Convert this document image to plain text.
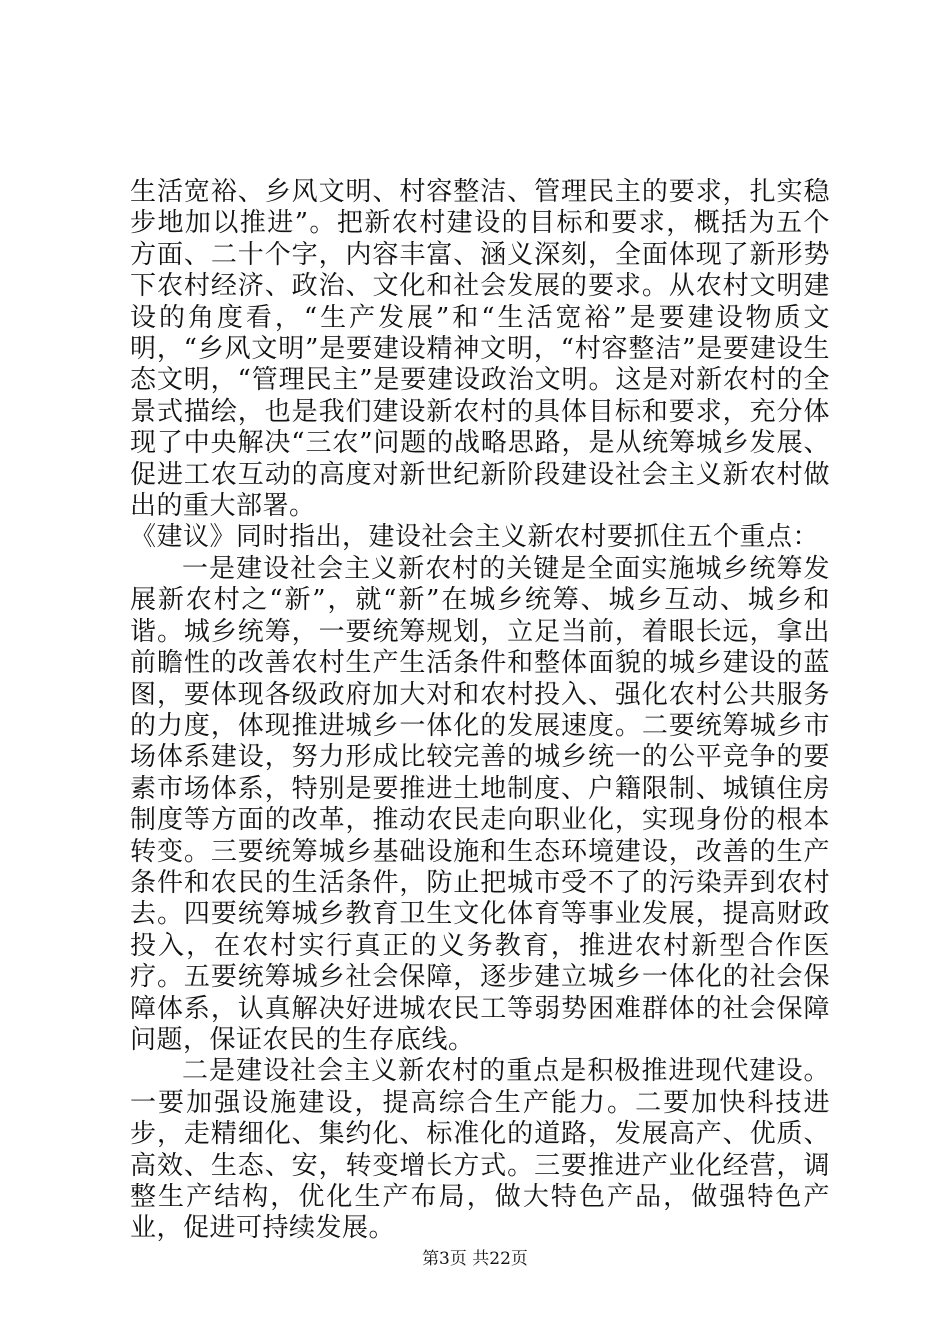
生活宽裕、乡风文明、村容整洁、管理民主的要求，扎实稳步地加以推进”。把新农村建设的目标和要求，概括为五个方面、二十个字，内容丰富、涵义深刻，全面体现了新形势下农村经济、政治、文化和社会发展的要求。从农村文明建设的角度看，“生产发展”和“生活宽裕”是要建设物质文明，“乡风文明”是要建设精神文明，“村容整洁”是要建设生态文明，“管理民主”是要建设政治文明。这是对新农村的全景式描绘，也是我们建设新农村的具体目标和要求，充分体现了中央解决“三农”问题的战略思路，是从统筹城乡发展、促进工农互动的高度对新世纪新阶段建设社会主义新农村做出的重大部署。

《建议》同时指出，建设社会主义新农村要抓住五个重点：

一是建设社会主义新农村的关键是全面实施城乡统筹发展新农村之“新”，就“新”在城乡统筹、城乡互动、城乡和谐。城乡统筹，一要统筹规划，立足当前，着眼长远，拿出前瞻性的改善农村生产生活条件和整体面貌的城乡建设的蓝图，要体现各级政府加大对和农村投入、强化农村公共服务的力度，体现推进城乡一体化的发展速度。二要统筹城乡市场体系建设，努力形成比较完善的城乡统一的公平竞争的要素市场体系，特别是要推进土地制度、户籍限制、城镇住房制度等方面的改革，推动农民走向职业化，实现身份的根本转变。三要统筹城乡基础设施和生态环境建设，改善的生产条件和农民的生活条件，防止把城市受不了的污染弄到农村去。四要统筹城乡教育卫生文化体育等事业发展，提高财政投入，在农村实行真正的义务教育，推进农村新型合作医疗。五要统筹城乡社会保障，逐步建立城乡一体化的社会保障体系，认真解决好进城农民工等弱势困难群体的社会保障问题，保证农民的生存底线。

二是建设社会主义新农村的重点是积极推进现代建设。一要加强设施建设，提高综合生产能力。二要加快科技进步，走精细化、集约化、标准化的道路，发展高产、优质、高效、生态、安，转变增长方式。三要推进产业化经营，调整生产结构，优化生产布局，做大特色产品，做强特色产业，促进可持续发展。

第3页 共22页
